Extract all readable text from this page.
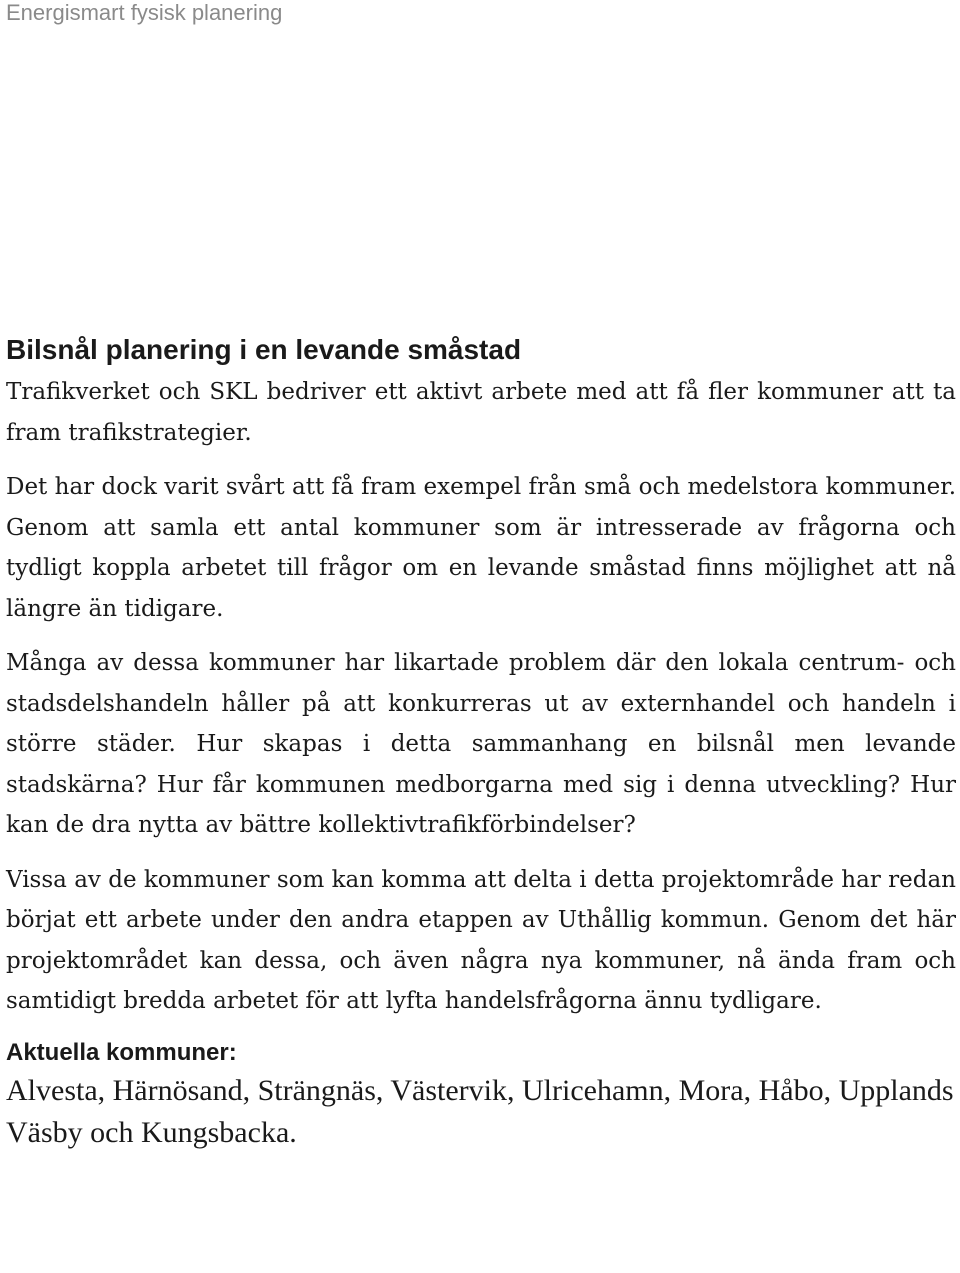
Energismart fysisk planering

Bilsnål planering i en levande småstad

Trafikverket och SKL bedriver ett aktivt arbete med att få fler kommuner att ta fram trafikstrategier.

Det har dock varit svårt att få fram exempel från små och medelstora kommuner. Genom att samla ett antal kommuner som är intresserade av frågorna och tydligt koppla arbetet till frågor om en levande småstad finns möjlighet att nå längre än tidigare.

Många av dessa kommuner har likartade problem där den lokala centrum- och stadsdelshandeln håller på att konkurreras ut av externhandel och handeln i större städer. Hur skapas i detta sammanhang en bilsnål men levande stadskärna? Hur får kommunen medborgarna med sig i denna utveckling? Hur kan de dra nytta av bättre kollektivtrafikförbindelser?

Vissa av de kommuner som kan komma att delta i detta projektområde har redan börjat ett arbete under den andra etappen av Uthållig kommun. Genom det här projektområdet kan dessa, och även några nya kommuner, nå ända fram och samtidigt bredda arbetet för att lyfta handelsfrågorna ännu tydligare.

Aktuella kommuner:

Alvesta, Härnösand, Strängnäs, Västervik, Ulricehamn, Mora, Håbo, Upplands Väsby och Kungsbacka.
